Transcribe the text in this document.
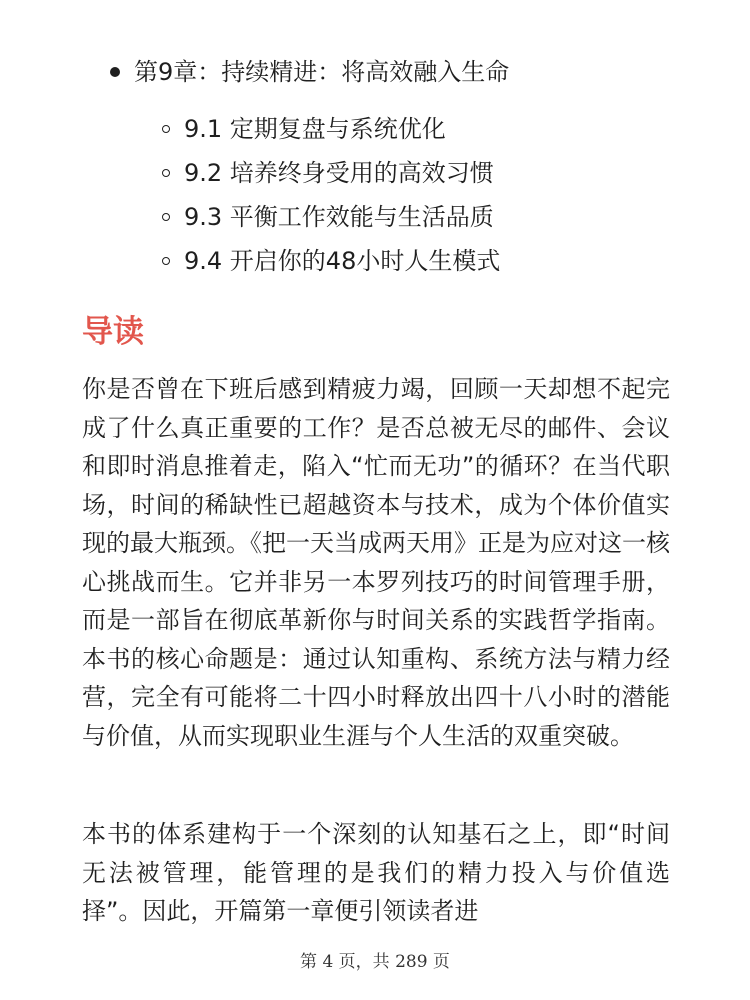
第9章：持续精进：将高效融入生命
9.1 定期复盘与系统优化
9.2 培养终身受用的高效习惯
9.3 平衡工作效能与生活品质
9.4 开启你的48小时人生模式
导读

你是否曾在下班后感到精疲力竭，回顾一天却想不起完成了什么真正重要的工作？是否总被无尽的邮件、会议和即时消息推着走，陷入“忙而无功”的循环？在当代职场，时间的稀缺性已超越资本与技术，成为个体价值实现的最大瓶颈。《把一天当成两天用》正是为应对这一核心挑战而生。它并非另一本罗列技巧的时间管理手册，而是一部旨在彻底革新你与时间关系的实践哲学指南。本书的核心命题是：通过认知重构、系统方法与精力经营，完全有可能将二十四小时释放出四十八小时的潜能与价值，从而实现职业生涯与个人生活的双重突破。

本书的体系建构于一个深刻的认知基石之上，即“时间无法被管理，能管理的是我们的精力投入与价值选择”。因此，开篇第一章便引领读者进

第 4 页，共 289 页
